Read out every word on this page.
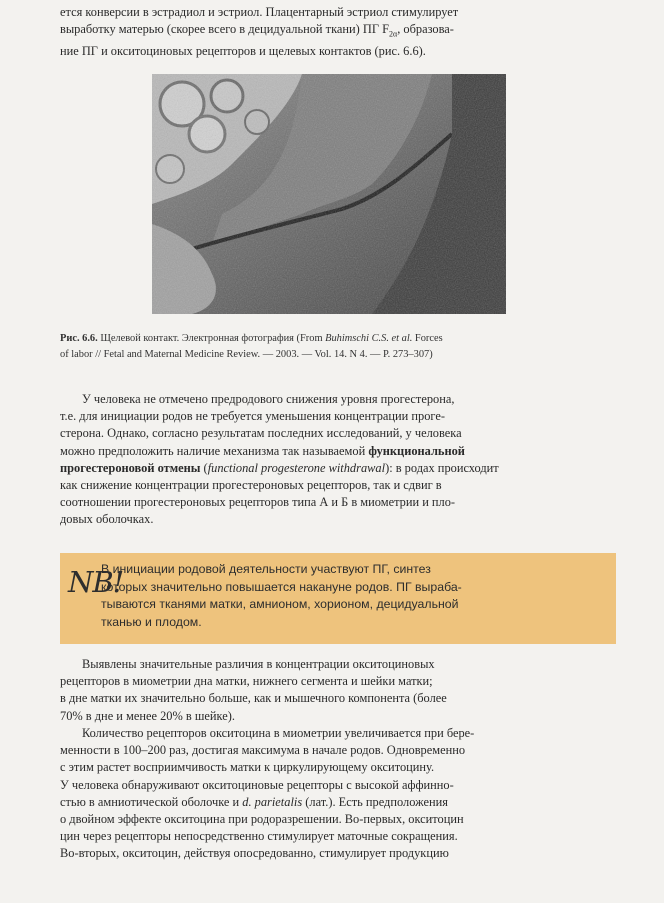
ется конверсии в эстрадиол и эстриол. Плацентарный эстриол стимулирует
выработку матерью (скорее всего в децидуальной ткани) ПГ $F_{2\alpha}$, образова-
ние ПГ и окситоциновых рецепторов и щелевых контактов (рис. 6.6).

Рис. 6.6. Щелевой контакт. Электронная фотография (From Buhimschi C.S. et al. Forces
of labor // Fetal and Maternal Medicine Review. — 2003. — Vol. 14. N 4. — P. 273–307)

У человека не отмечено предродового снижения уровня прогестерона,
т.е. для инициации родов не требуется уменьшения концентрации проге-
стерона. Однако, согласно результатам последних исследований, у человека
можно предположить наличие механизма так называемой функциональной
прогестероновой отмены (functional progesterone withdrawal): в родах происходит
как снижение концентрации прогестероновых рецепторов, так и сдвиг в
соотношении прогестероновых рецепторов типа А и Б в миометрии и пло-
довых оболочках.

NB!

В инициации родовой деятельности участвуют ПГ, синтез
которых значительно повышается накануне родов. ПГ выраба-
тываются тканями матки, амнионом, хорионом, децидуальной
тканью и плодом.

Выявлены значительные различия в концентрации окситоциновых
рецепторов в миометрии дна матки, нижнего сегмента и шейки матки;
в дне матки их значительно больше, как и мышечного компонента (более
70% в дне и менее 20% в шейке).

Количество рецепторов окситоцина в миометрии увеличивается при бере-
менности в 100–200 раз, достигая максимума в начале родов. Одновременно
с этим растет восприимчивость матки к циркулирующему окситоцину.
У человека обнаруживают окситоциновые рецепторы с высокой аффинно-
стью в амниотической оболочке и d. parietalis (лат.). Есть предположения
о двойном эффекте окситоцина при родоразрешении. Во-первых, окситоцин
цин через рецепторы непосредственно стимулирует маточные сокращения.
Во-вторых, окситоцин, действуя опосредованно, стимулирует продукцию
